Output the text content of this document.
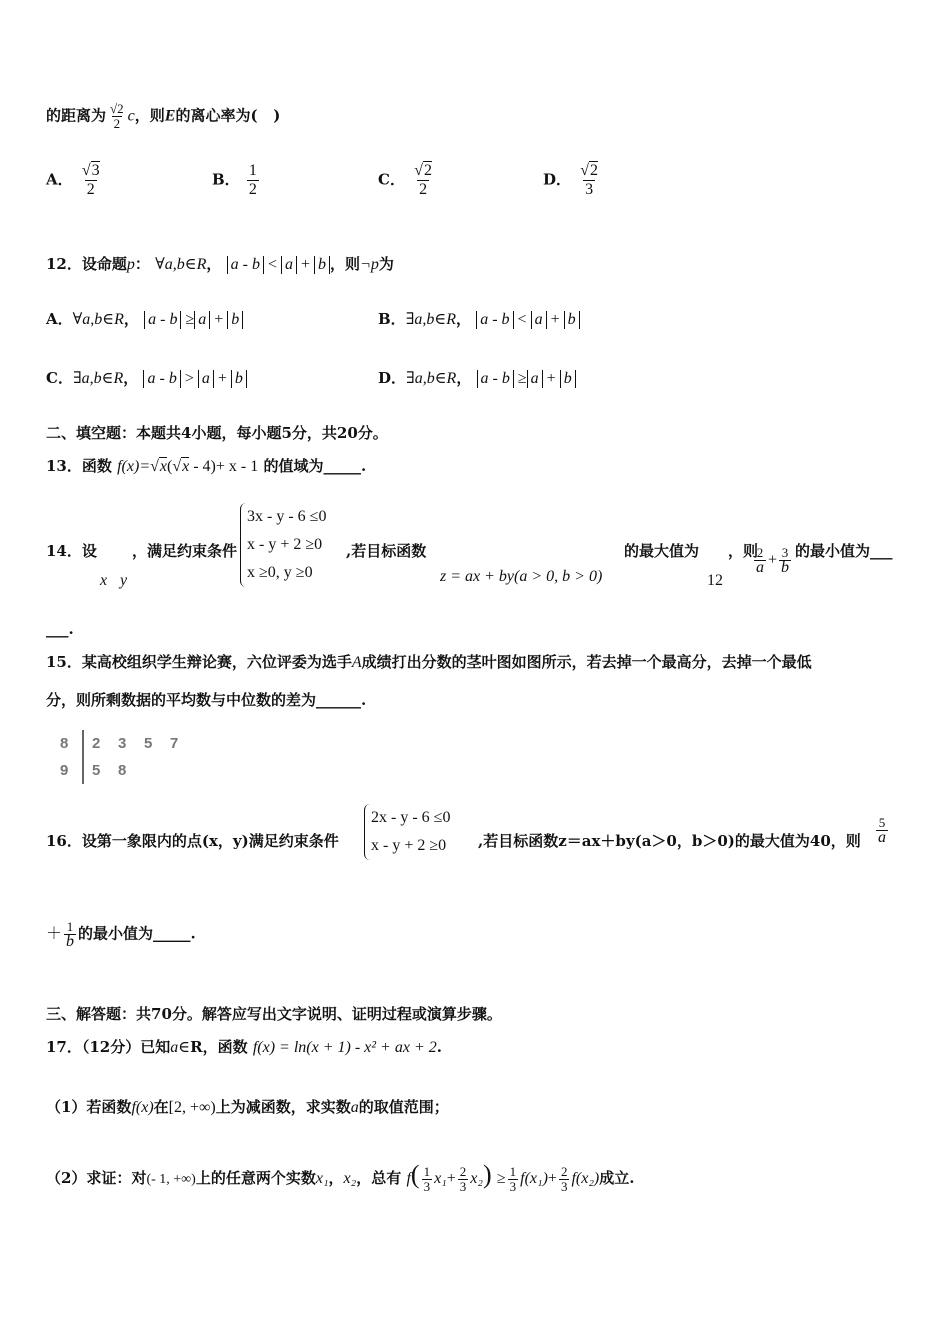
的距离为 $\frac{√2}{2}$ c，则E的离心率为( )
A． $\frac{√3}{2}$	B． $\frac{1}{2}$	C． $\frac{√2}{2}$	D． $\frac{√2}{3}$
12．设命题p： ∀a,b∈R， a - b < a + b ，则¬p为
A．∀a,b∈R， a - b ≥ a + b	B．∃a,b∈R， a - b < a + b
C．∃a,b∈R， a - b > a + b	D．∃a,b∈R， a - b ≥ a + b
二、填空题：本题共4小题，每小题5分，共20分。
13．函数 f(x)=√x(√x - 4)+ x - 1 的值域为_____.
14．设
x y
，满足约束条件
3x - y - 6 ≤0
x - y + 2 ≥0
x ≥0, y ≥0
,若目标函数
z = ax + by(a > 0, b > 0)
的最大值为
12
，则
$\frac{2}{a} + \frac{3}{b}$ 的最小值为___
___.
15．某高校组织学生辩论赛，六位评委为选手A成绩打出分数的茎叶图如图所示，若去掉一个最高分，去掉一个最低
分，则所剩数据的平均数与中位数的差为______.
8	2	3	5	7
9	5	8
16．设第一象限内的点(x，y)满足约束条件
2x - y - 6 ≤0
x - y + 2 ≥0 ,若目标函数z＝ax＋by(a＞0，b＞0)的最大值为40，则 $\frac{5}{a}$
＋ $\frac{1}{b}$ 的最小值为_____.
三、解答题：共70分。解答应写出文字说明、证明过程或演算步骤。
17．（12分）已知a∈R，函数 f(x) = ln(x + 1) - x² + ax + 2.
（1）若函数f(x)在[2, +∞)上为减函数，求实数a的取值范围；
（2）求证：对(- 1, +∞)上的任意两个实数x₁，x₂，总有 $f( \frac{1}{3} x_1+ \frac{2}{3} x_2) \ge \frac{1}{3} f(x_1)+ \frac{2}{3} f(x_2)$成立.
